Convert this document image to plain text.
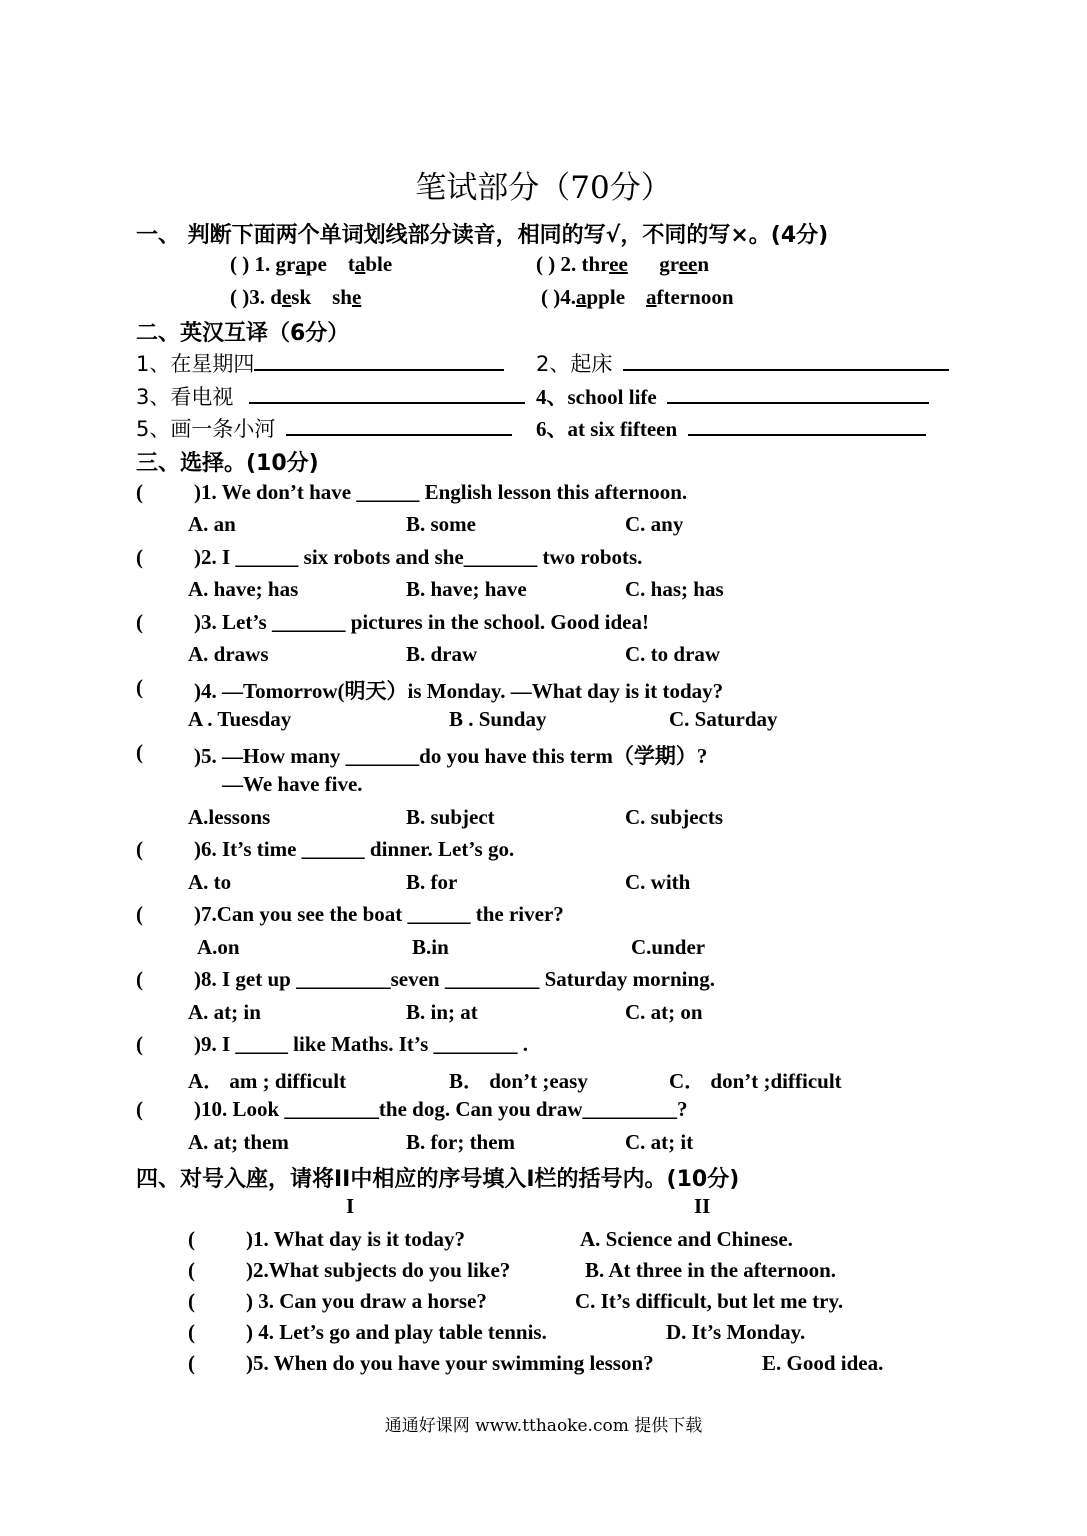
笔试部分（70分）
一、 判断下面两个单词划线部分读音，相同的写√，不同的写×。(4分)
( ) 1. grape table	( ) 2. three green
( )3. desk she	( )4.apple afternoon
二、英汉互译（6分）
1、在星期四	2、起床
3、看电视	4、school life
5、画一条小河	6、at six fifteen
三、选择。(10分)
( )1. We don’t have ______ English lesson this afternoon.
A. an	B. some	C. any
( )2. I ______ six robots and she_______ two robots.
A. have; has	B. have; have	C. has; has
( )3. Let’s _______ pictures in the school. Good idea!
A. draws	B. draw	C. to draw
( )4. —Tomorrow(明天）is Monday. —What day is it today?
A . Tuesday	B . Sunday	C. Saturday
( )5. —How many _______do you have this term（学期）?
—We have five.
A.lessons	B. subject	C. subjects
( )6. It’s time ______ dinner. Let’s go.
A. to	B. for	C. with
( )7.Can you see the boat ______ the river?
A.on	B.in	C.under
( )8. I get up _________seven _________ Saturday morning.
A. at; in	B. in; at	C. at; on
( )9. I _____ like Maths. It’s ________ .
A． am ; difficult	B． don’t ;easy	C． don’t ;difficult
( )10. Look _________the dog. Can you draw_________?
A. at; them	B. for; them	C. at; it
四、对号入座，请将II中相应的序号填入I栏的括号内。(10分)
I	II
( )1. What day is it today?	A. Science and Chinese.
( )2.What subjects do you like?	B. At three in the afternoon.
( ) 3. Can you draw a horse?	C. It’s difficult, but let me try.
( ) 4. Let’s go and play table tennis.	D. It’s Monday.
( )5. When do you have your swimming lesson?	E. Good idea.
通通好课网 www.tthaoke.com 提供下载
